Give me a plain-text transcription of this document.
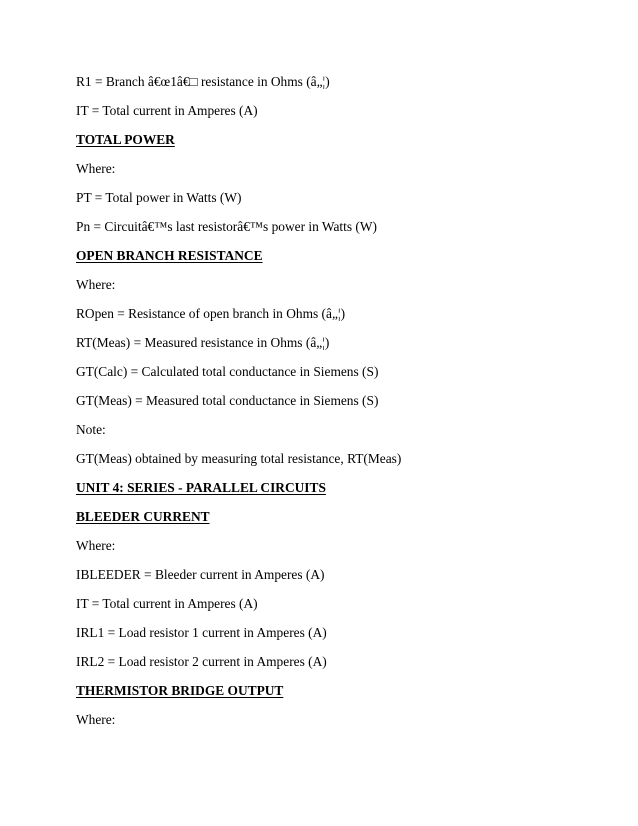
R1 = Branch â€œ1â€□ resistance in Ohms (â„¦)
IT = Total current in Amperes (A)
TOTAL POWER
Where:
PT = Total power in Watts (W)
Pn = Circuitâ€™s last resistorâ€™s power in Watts (W)
OPEN BRANCH RESISTANCE
Where:
ROpen = Resistance of open branch in Ohms (â„¦)
RT(Meas) = Measured resistance in Ohms (â„¦)
GT(Calc) = Calculated total conductance in Siemens (S)
GT(Meas) = Measured total conductance in Siemens (S)
Note:
GT(Meas) obtained by measuring total resistance, RT(Meas)
UNIT 4: SERIES - PARALLEL CIRCUITS
BLEEDER CURRENT
Where:
IBLEEDER = Bleeder current in Amperes (A)
IT = Total current in Amperes (A)
IRL1 = Load resistor 1 current in Amperes (A)
IRL2 = Load resistor 2 current in Amperes (A)
THERMISTOR BRIDGE OUTPUT
Where:
